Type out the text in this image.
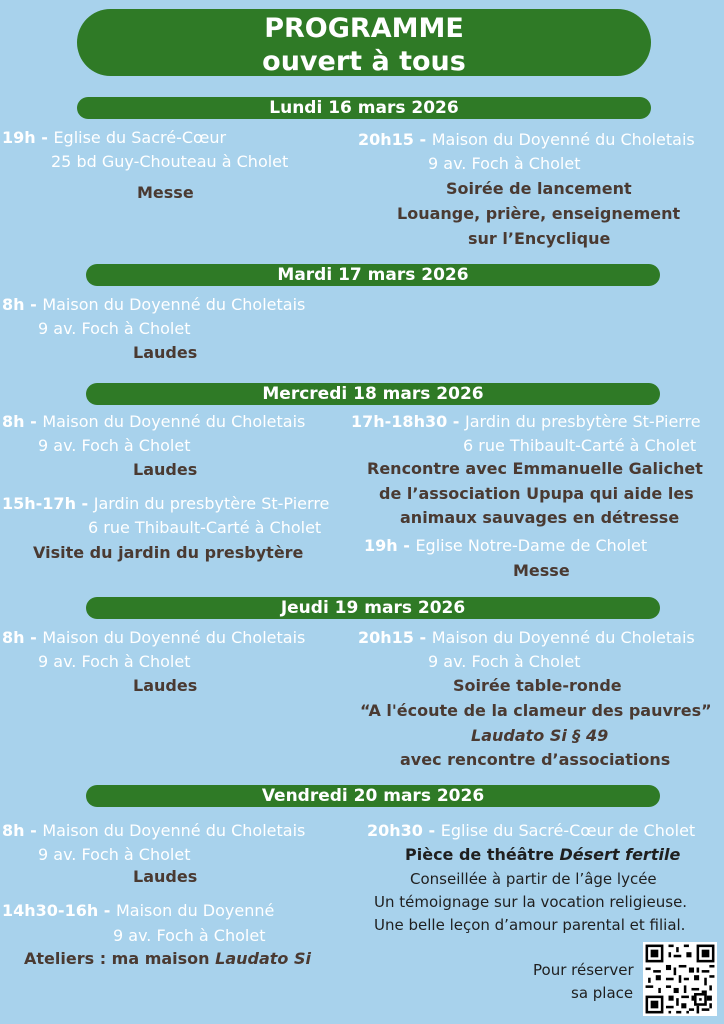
PROGRAMME
ouvert à tous
Lundi 16 mars 2026
19h - Eglise du Sacré-Cœur
25 bd Guy-Chouteau à Cholet
Messe
20h15 - Maison du Doyenné du Choletais
9 av. Foch à Cholet
Soirée de lancement
Louange, prière, enseignement
sur l’Encyclique
Mardi 17 mars 2026
8h - Maison du Doyenné du Choletais
9 av. Foch à Cholet
Laudes
Mercredi 18 mars 2026
8h - Maison du Doyenné du Choletais
9 av. Foch à Cholet
Laudes
15h-17h - Jardin du presbytère St-Pierre
6 rue Thibault-Carté à Cholet
Visite du jardin du presbytère
17h-18h30 - Jardin du presbytère St-Pierre
6 rue Thibault-Carté à Cholet
Rencontre avec Emmanuelle Galichet
de l’association Upupa qui aide les
animaux sauvages en détresse
19h - Eglise Notre-Dame de Cholet
Messe
Jeudi 19 mars 2026
8h - Maison du Doyenné du Choletais
9 av. Foch à Cholet
Laudes
20h15 - Maison du Doyenné du Choletais
9 av. Foch à Cholet
Soirée table-ronde
“A l'écoute de la clameur des pauvres”
Laudato Si § 49
avec rencontre d’associations
Vendredi 20 mars 2026
8h - Maison du Doyenné du Choletais
9 av. Foch à Cholet
Laudes
14h30-16h - Maison du Doyenné
9 av. Foch à Cholet
Ateliers : ma maison Laudato Si
20h30 - Eglise du Sacré-Cœur de Cholet
Pièce de théâtre Désert fertile
Conseillée à partir de l’âge lycée
Un témoignage sur la vocation religieuse.
Une belle leçon d’amour parental et filial.
Pour réserver
sa place
